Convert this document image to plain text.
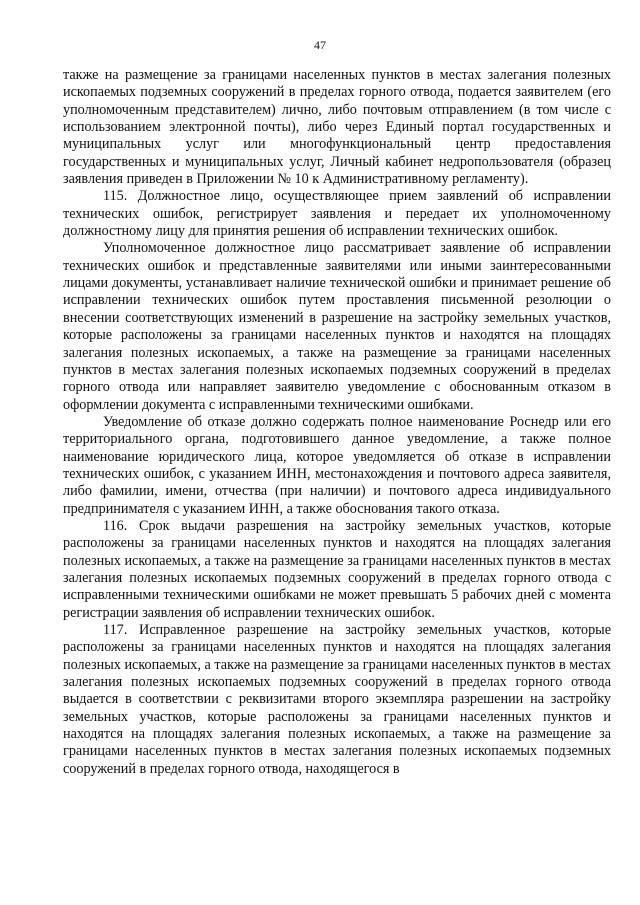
47

также на размещение за границами населенных пунктов в местах залегания полезных ископаемых подземных сооружений в пределах горного отвода, подается заявителем (его уполномоченным представителем) лично, либо почтовым отправлением (в том числе с использованием электронной почты), либо через Единый портал государственных и муниципальных услуг или многофункциональный центр предоставления государственных и муниципальных услуг, Личный кабинет недропользователя (образец заявления приведен в Приложении № 10 к Административному регламенту).

115. Должностное лицо, осуществляющее прием заявлений об исправлении технических ошибок, регистрирует заявления и передает их уполномоченному должностному лицу для принятия решения об исправлении технических ошибок.

Уполномоченное должностное лицо рассматривает заявление об исправлении технических ошибок и представленные заявителями или иными заинтересованными лицами документы, устанавливает наличие технической ошибки и принимает решение об исправлении технических ошибок путем проставления письменной резолюции о внесении соответствующих изменений в разрешение на застройку земельных участков, которые расположены за границами населенных пунктов и находятся на площадях залегания полезных ископаемых, а также на размещение за границами населенных пунктов в местах залегания полезных ископаемых подземных сооружений в пределах горного отвода или направляет заявителю уведомление с обоснованным отказом в оформлении документа с исправленными техническими ошибками.

Уведомление об отказе должно содержать полное наименование Роснедр или его территориального органа, подготовившего данное уведомление, а также полное наименование юридического лица, которое уведомляется об отказе в исправлении технических ошибок, с указанием ИНН, местонахождения и почтового адреса заявителя, либо фамилии, имени, отчества (при наличии) и почтового адреса индивидуального предпринимателя с указанием ИНН, а также обоснования такого отказа.

116. Срок выдачи разрешения на застройку земельных участков, которые расположены за границами населенных пунктов и находятся на площадях залегания полезных ископаемых, а также на размещение за границами населенных пунктов в местах залегания полезных ископаемых подземных сооружений в пределах горного отвода с исправленными техническими ошибками не может превышать 5 рабочих дней с момента регистрации заявления об исправлении технических ошибок.

117. Исправленное разрешение на застройку земельных участков, которые расположены за границами населенных пунктов и находятся на площадях залегания полезных ископаемых, а также на размещение за границами населенных пунктов в местах залегания полезных ископаемых подземных сооружений в пределах горного отвода выдается в соответствии с реквизитами второго экземпляра разрешении на застройку земельных участков, которые расположены за границами населенных пунктов и находятся на площадях залегания полезных ископаемых, а также на размещение за границами населенных пунктов в местах залегания полезных ископаемых подземных сооружений в пределах горного отвода, находящегося в
